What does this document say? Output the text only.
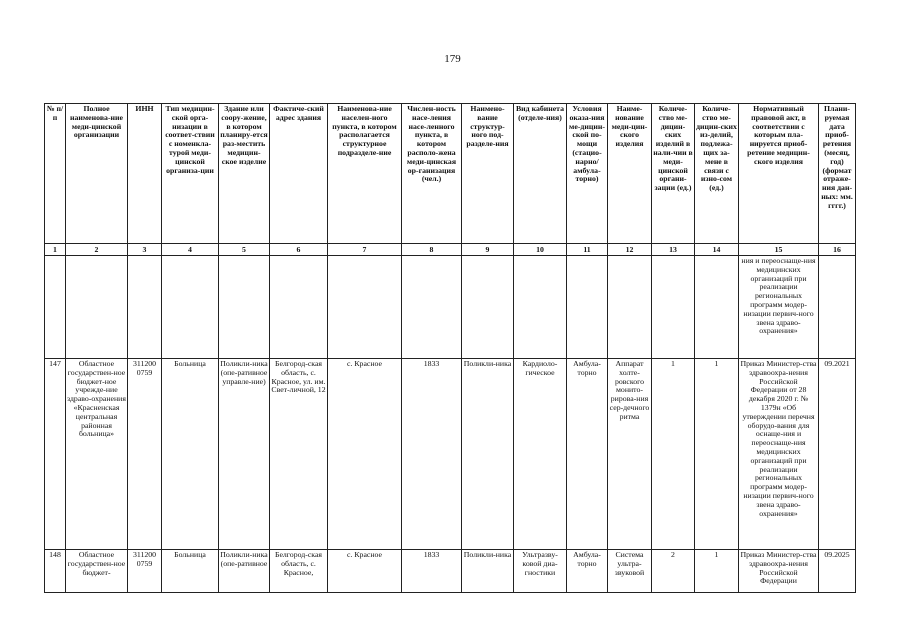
179
№ п/п	Полное наименова-ние меди-цинской организации	ИНН	Тип медицин-ской орга-низации в соответ-ствии с номенкла-турой меди-цинской организа-ции	Здание или соору-жение, в котором планиру-ется раз-местить медицин-ское изделие	Фактиче-ский адрес здания	Наименова-ние населен-ного пункта, в котором располагается структурное подразделе-ние	Числен-ность насе-ления насе-ленного пункта, в котором располо-жена меди-цинская ор-ганизация (чел.)	Наимено-вание структур-ного под-разделе-ния	Вид кабинета (отделе-ния)	Условия оказа-ния ме-дицин-ской по-мощи (стацио-нарно/ амбула-торно)	Наиме-нование меди-цин-ского изделия	Количе-ство ме-дицин-ских изделий в нали-чии в меди-цинской органи-зации (ед.)	Количе-ство ме-дицин-ских из-делий, подлежа-щих за-мене в связи с изно-сом (ед.)	Нормативный правовой акт, в соответствии с которым пла-нируется приоб-ретение медицин-ского изделия	Плани-руемая дата приоб-ретения (месяц, год) (формат отраже-ния дан-ных: мм. гггг.)
1	2	3	4	5	6	7	8	9	10	11	12	13	14	15	16
														ния и переоснаще-ния медицинских организаций при реализации региональных программ модер-низации первич-ного звена здраво-охранения»	
147	Областное государствен-ное бюджет-ное учрежде-ние здраво-охранения «Красненская центральная районная больница»	311200 0759	Больница	Поликли-ника (опе-ративное управле-ние)	Белгород-ская область, с. Красное, ул. им. Свет-личной, 12	с. Красное	1833	Поликли-ника	Кардиоло-гическое	Амбула-торно	Аппарат холте-ровского монито-рирова-ния сер-дечного ритма	1	1	Приказ Министер-ства здравоохра-нения Российской Федерации от 28 декабря 2020 г. № 1379н «Об утверждении перечня оборудо-вания для оснаще-ния и переоснаще-ния медицинских организаций при реализации региональных программ модер-низации первич-ного звена здраво-охранения»	09.2021
148	Областное государствен-ное бюджет-	311200 0759	Больница	Поликли-ника (опе-ративное	Белгород-ская область, с. Красное,	с. Красное	1833	Поликли-ника	Ультразву-ковой диа-гностики	Амбула-торно	Система ультра-звуковой	2	1	Приказ Министер-ства здравоохра-нения Российской Федерации	09.2025
